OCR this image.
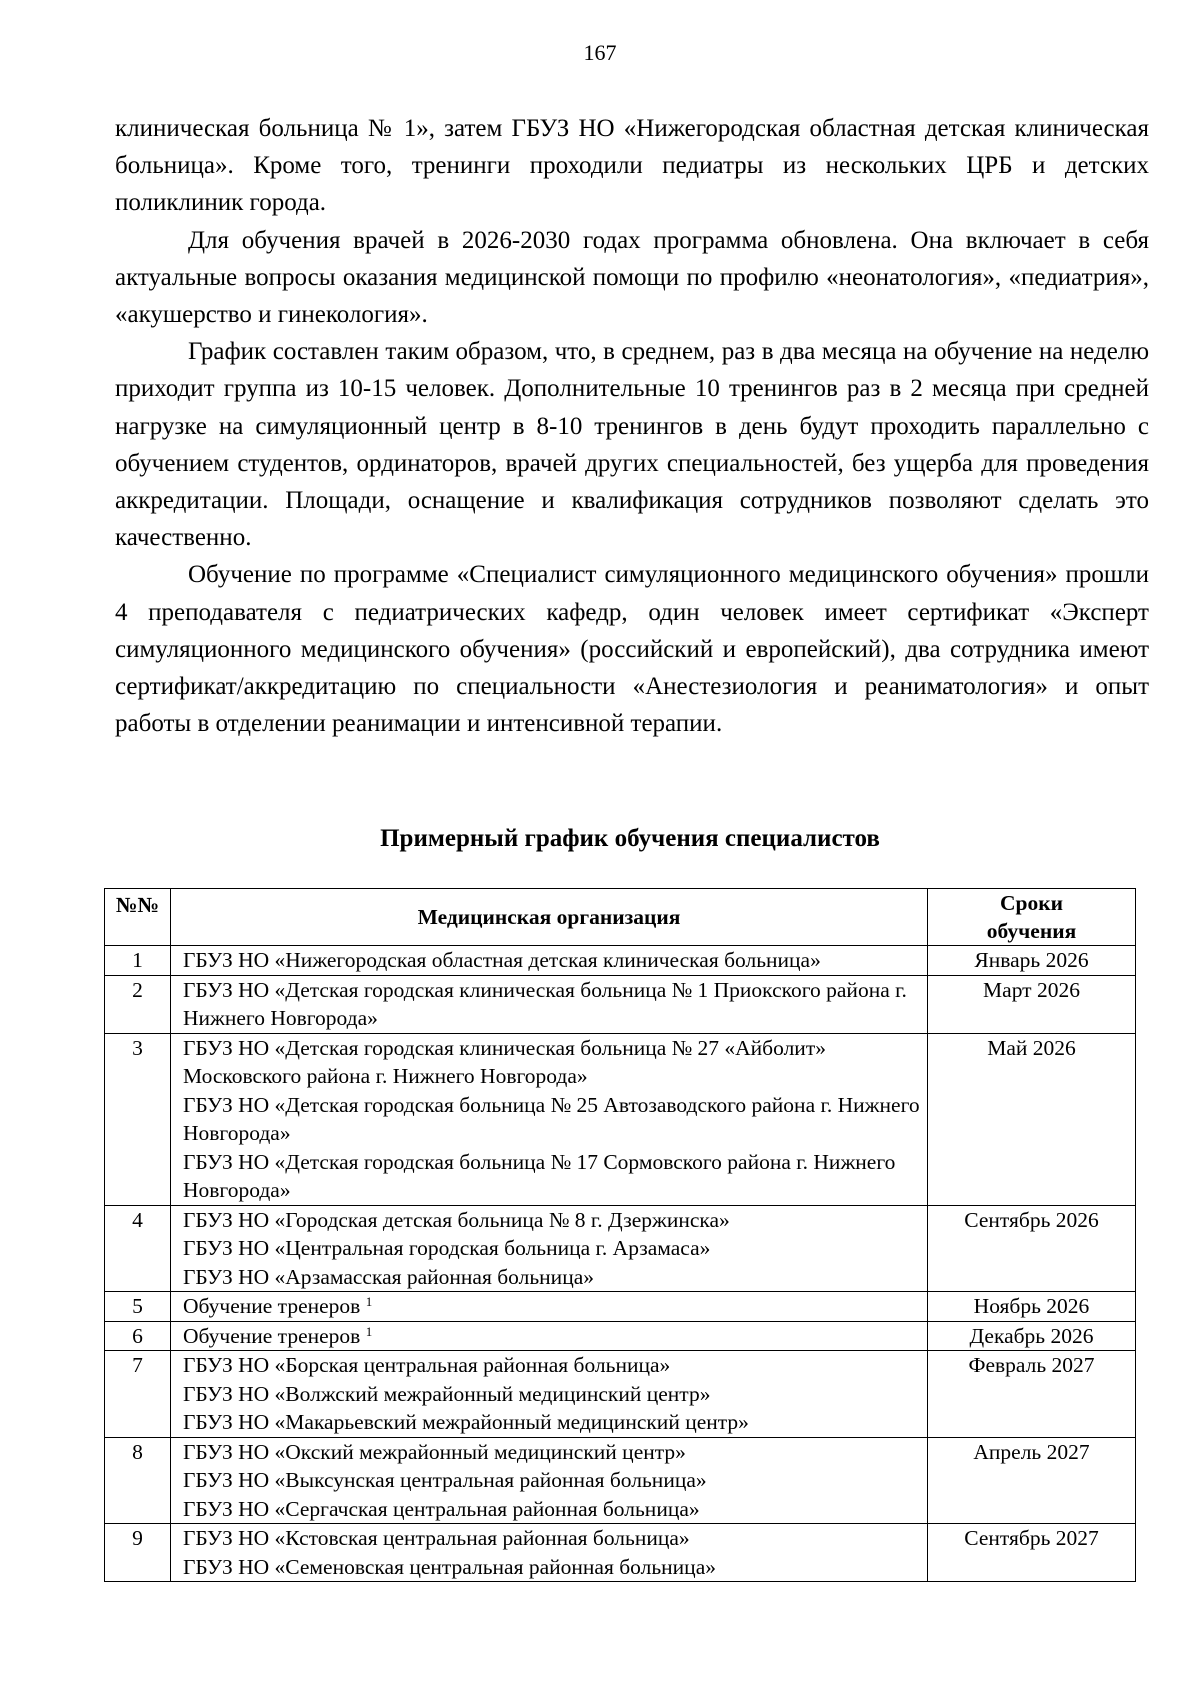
167

клиническая больница № 1», затем ГБУЗ НО «Нижегородская областная детская клиническая больница». Кроме того, тренинги проходили педиатры из нескольких ЦРБ и детских поликлиник города.

Для обучения врачей в 2026-2030 годах программа обновлена. Она включает в себя актуальные вопросы оказания медицинской помощи по профилю «неонатология», «педиатрия», «акушерство и гинекология».

График составлен таким образом, что, в среднем, раз в два месяца на обучение на неделю приходит группа из 10-15 человек. Дополнительные 10 тренингов раз в 2 месяца при средней нагрузке на симуляционный центр в 8-10 тренингов в день будут проходить параллельно с обучением студентов, ординаторов, врачей других специальностей, без ущерба для проведения аккредитации. Площади, оснащение и квалификация сотрудников позволяют сделать это качественно.

Обучение по программе «Специалист симуляционного медицинского обучения» прошли 4 преподавателя с педиатрических кафедр, один человек имеет сертификат «Эксперт симуляционного медицинского обучения» (российский и европейский), два сотрудника имеют сертификат/аккредитацию по специальности «Анестезиология и реаниматология» и опыт работы в отделении реанимации и интенсивной терапии.

Примерный график обучения специалистов
№№	Медицинская организация	Сроки
обучения

1	ГБУЗ НО «Нижегородская областная детская клиническая больница»	Январь 2026
2	ГБУЗ НО «Детская городская клиническая больница № 1 Приокского района г. Нижнего Новгорода»	Март 2026
3	ГБУЗ НО «Детская городская клиническая больница № 27 «Айболит» Московского района г. Нижнего Новгорода»
ГБУЗ НО «Детская городская больница № 25 Автозаводского района г. Нижнего Новгорода»
ГБУЗ НО «Детская городская больница № 17 Сормовского района г. Нижнего Новгорода»	Май 2026
4	ГБУЗ НО «Городская детская больница № 8 г. Дзержинска»
ГБУЗ НО «Центральная городская больница г. Арзамаса»
ГБУЗ НО «Арзамасская районная больница»	Сентябрь 2026
5	Обучение тренеров $^1$	Ноябрь 2026
6	Обучение тренеров $^1$	Декабрь 2026
7	ГБУЗ НО «Борская центральная районная больница»
ГБУЗ НО «Волжский межрайонный медицинский центр»
ГБУЗ НО «Макарьевский межрайонный медицинский центр»	Февраль 2027
8	ГБУЗ НО «Окский межрайонный медицинский центр»
ГБУЗ НО «Выксунская центральная районная больница»
ГБУЗ НО «Сергачская центральная районная больница»	Апрель 2027
9	ГБУЗ НО «Кстовская центральная районная больница»
ГБУЗ НО «Семеновская центральная районная больница»	Сентябрь 2027
